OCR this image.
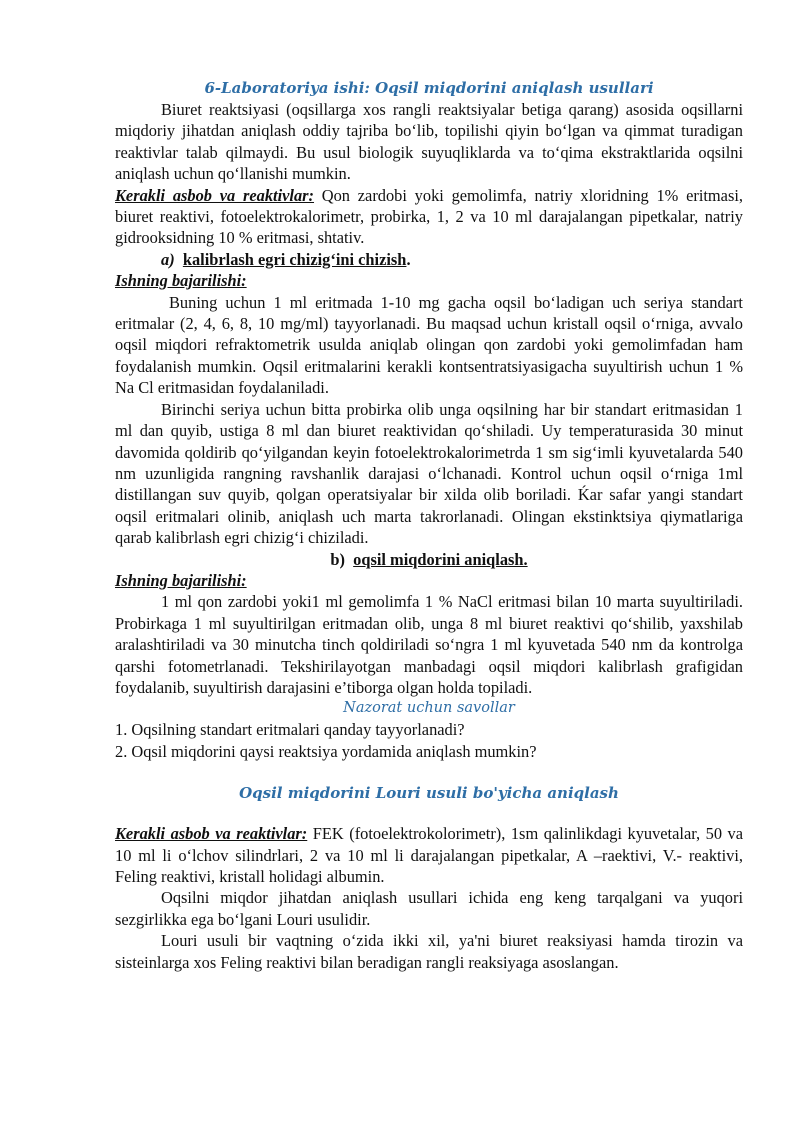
6-Laboratoriya ishi: Oqsil miqdorini aniqlash usullari

Biuret reaktsiyasi (oqsillarga xos rangli reaktsiyalar betiga qarang) asosida oqsillarni miqdoriy jihatdan aniqlash oddiy tajriba bo‘lib, topilishi qiyin bo‘lgan va qimmat turadigan reaktivlar talab qilmaydi. Bu usul biologik suyuqliklarda va to‘qima ekstraktlarida oqsilni aniqlash uchun qo‘llanishi mumkin.

Kerakli asbob va reaktivlar: Qon zardobi yoki gemolimfa, natriy xloridning 1% eritmasi, biuret reaktivi, fotoelektrokalorimetr, probirka, 1, 2 va 10 ml darajalangan pipetkalar, natriy gidrooksidning 10 % eritmasi, shtativ.

a) kalibrlash egri chizig‘ini chizish.

Ishning bajarilishi:

Buning uchun 1 ml eritmada 1-10 mg gacha oqsil bo‘ladigan uch seriya standart eritmalar (2, 4, 6, 8, 10 mg/ml) tayyorlanadi. Bu maqsad uchun kristall oqsil o‘rniga, avvalo oqsil miqdori refraktometrik usulda aniqlab olingan qon zardobi yoki gemolimfadan ham foydalanish mumkin. Oqsil eritmalarini kerakli kontsentratsiyasigacha suyultirish uchun 1 % Na Cl eritmasidan foydalaniladi.

Birinchi seriya uchun bitta probirka olib unga oqsilning har bir standart eritmasidan 1 ml dan quyib, ustiga 8 ml dan biuret reaktividan qo‘shiladi. Uy temperaturasida 30 minut davomida qoldirib qo‘yilgandan keyin fotoelektrokalorimetrda 1 sm sig‘imli kyuvetalarda 540 nm uzunligida rangning ravshanlik darajasi o‘lchanadi. Kontrol uchun oqsil o‘rniga 1ml distillangan suv quyib, qolgan operatsiyalar bir xilda olib boriladi. Ḱar safar yangi standart oqsil eritmalari olinib, aniqlash uch marta takrorlanadi. Olingan ekstinktsiya qiymatlariga qarab kalibrlash egri chizig‘i chiziladi.

b) oqsil miqdorini aniqlash.

Ishning bajarilishi:

1 ml qon zardobi yoki1 ml gemolimfa 1 % NaCl eritmasi bilan 10 marta suyultiriladi. Probirkaga 1 ml suyultirilgan eritmadan olib, unga 8 ml biuret reaktivi qo‘shilib, yaxshilab aralashtiriladi va 30 minutcha tinch qoldiriladi so‘ngra 1 ml kyuvetada 540 nm da kontrolga qarshi fotometrlanadi. Tekshirilayotgan manbadagi oqsil miqdori kalibrlash grafigidan foydalanib, suyultirish darajasini e’tiborga olgan holda topiladi.

Nazorat uchun savollar

1. Oqsilning standart eritmalari qanday tayyorlanadi?

2. Oqsil miqdorini qaysi reaktsiya yordamida aniqlash mumkin?

Oqsil miqdorini Louri usuli bo'yicha aniqlash

Kerakli asbob va reaktivlar: FEK (fotoelektrokolorimetr), 1sm qalinlikdagi kyuvetalar, 50 va 10 ml li o‘lchov silindrlari, 2 va 10 ml li darajalangan pipetkalar, A –raektivi, V.- reaktivi, Feling reaktivi, kristall holidagi albumin.

Oqsilni miqdor jihatdan aniqlash usullari ichida eng keng tarqalgani va yuqori sezgirlikka ega bo‘lgani Louri usulidir.

Louri usuli bir vaqtning o‘zida ikki xil, ya'ni biuret reaksiyasi hamda tirozin va sisteinlarga xos Feling reaktivi bilan beradigan rangli reaksiyaga asoslangan.
